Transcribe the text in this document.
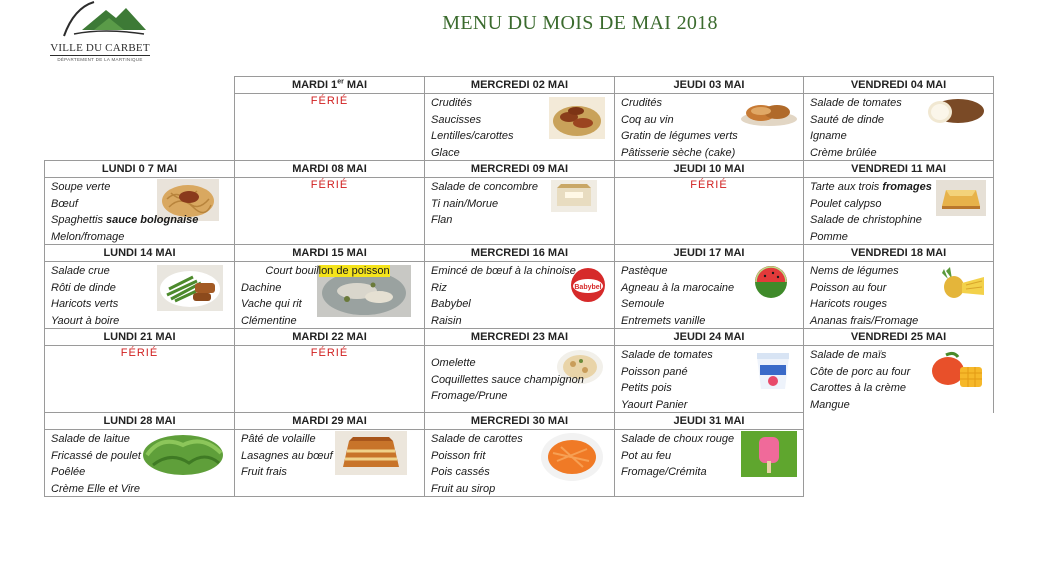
VILLE DU CARBET
DÉPARTEMENT DE LA MARTINIQUE
MENU DU MOIS DE MAI 2018
MARDI 1er MAI
FÉRIÉ
MERCREDI 02 MAI
Crudités
Saucisses
Lentilles/carottes
Glace
JEUDI 03 MAI
Crudités
Coq au vin
Gratin de légumes verts
Pâtisserie sèche (cake)
VENDREDI 04 MAI
Salade de tomates
Sauté de dinde
Igname
Crème brûlée
LUNDI 0 7 MAI
Soupe verte
Bœuf
Spaghettis sauce bolognaise
Melon/fromage
MARDI 08 MAI
FÉRIÉ
MERCREDI 09 MAI
Salade de concombre
Ti nain/Morue
Flan
JEUDI 10 MAI
FÉRIÉ
VENDREDI 11 MAI
Tarte aux trois fromages
Poulet calypso
Salade de christophine
Pomme
LUNDI 14 MAI
Salade crue
Rôti de dinde
Haricots verts
Yaourt à boire
MARDI 15 MAI
Court bouillon de poisson
Dachine
Vache qui rit
Clémentine
MERCREDI 16 MAI
Emincé de bœuf à la chinoise
Riz
Babybel
Raisin
Babybel
JEUDI 17 MAI
Pastèque
Agneau à la marocaine
Semoule
Entremets vanille
VENDREDI 18 MAI
Nems de légumes
Poisson au four
Haricots rouges
Ananas frais/Fromage
LUNDI 21 MAI
FÉRIÉ
MARDI 22 MAI
FÉRIÉ
MERCREDI 23 MAI
Omelette
Coquillettes sauce champignon
Fromage/Prune
JEUDI 24 MAI
Salade de tomates
Poisson pané
Petits pois
Yaourt Panier
VENDREDI 25 MAI
Salade de maïs
Côte de porc au four
Carottes à la crème
Mangue
LUNDI 28 MAI
Salade de laitue
Fricassé de poulet
Poêlée
Crème Elle et Vire
MARDI 29 MAI
Pâté de volaille
Lasagnes au bœuf
Fruit frais
MERCREDI 30 MAI
Salade de carottes
Poisson frit
Pois cassés
Fruit au sirop
JEUDI 31 MAI
Salade de choux rouge
Pot au feu
Fromage/Crémita
